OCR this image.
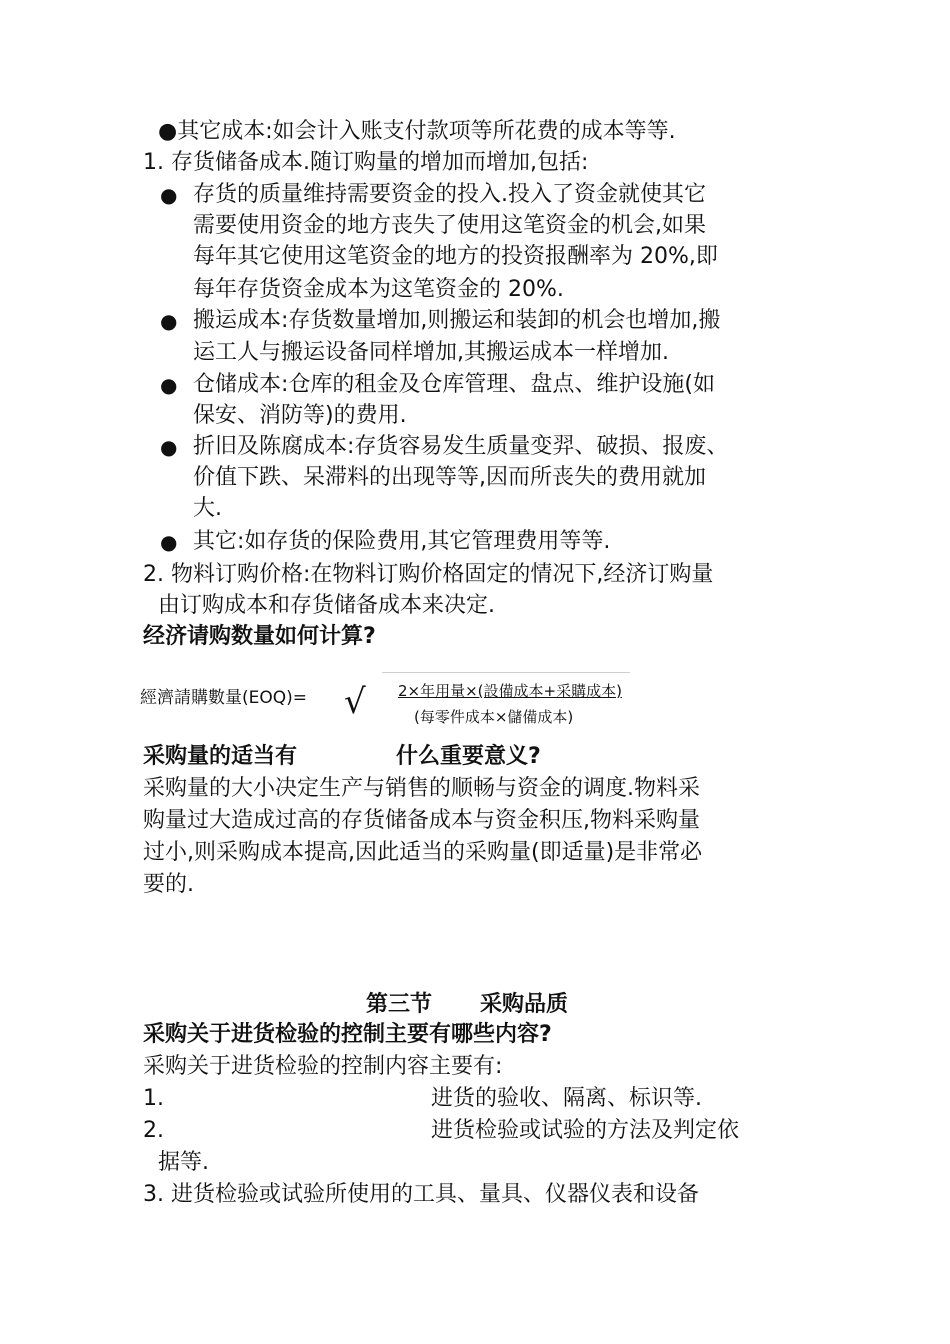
●其它成本:如会计入账支付款项等所花费的成本等等.
1. 存货储备成本.随订购量的增加而增加,包括:
● 存货的质量维持需要资金的投入.投入了资金就使其它
需要使用资金的地方丧失了使用这笔资金的机会,如果
每年其它使用这笔资金的地方的投资报酬率为 20%,即
每年存货资金成本为这笔资金的 20%.
● 搬运成本:存货数量增加,则搬运和装卸的机会也增加,搬
运工人与搬运设备同样增加,其搬运成本一样增加.
● 仓储成本:仓库的租金及仓库管理、盘点、维护设施(如
保安、消防等)的费用.
● 折旧及陈腐成本:存货容易发生质量变羿、破损、报废、
价值下跌、呆滞料的出现等等,因而所丧失的费用就加
大.
● 其它:如存货的保险费用,其它管理费用等等.
2. 物料订购价格:在物料订购价格固定的情况下,经济订购量
由订购成本和存货储备成本来决定.
经济请购数量如何计算?
經濟請購數量(EOQ)= √ 2×年用量×(設備成本+采購成本)
(每零件成本×儲備成本)
采购量的适当有	什么重要意义?
采购量的大小决定生产与销售的顺畅与资金的调度.物料采
购量过大造成过高的存货储备成本与资金积压,物料采购量
过小,则采购成本提高,因此适当的采购量(即适量)是非常必
要的.
第三节 采购品质
采购关于进货检验的控制主要有哪些内容?
采购关于进货检验的控制内容主要有:
1.	进货的验收、隔离、标识等.
2.	进货检验或试验的方法及判定依
据等.
3. 进货检验或试验所使用的工具、量具、仪器仪表和设备
